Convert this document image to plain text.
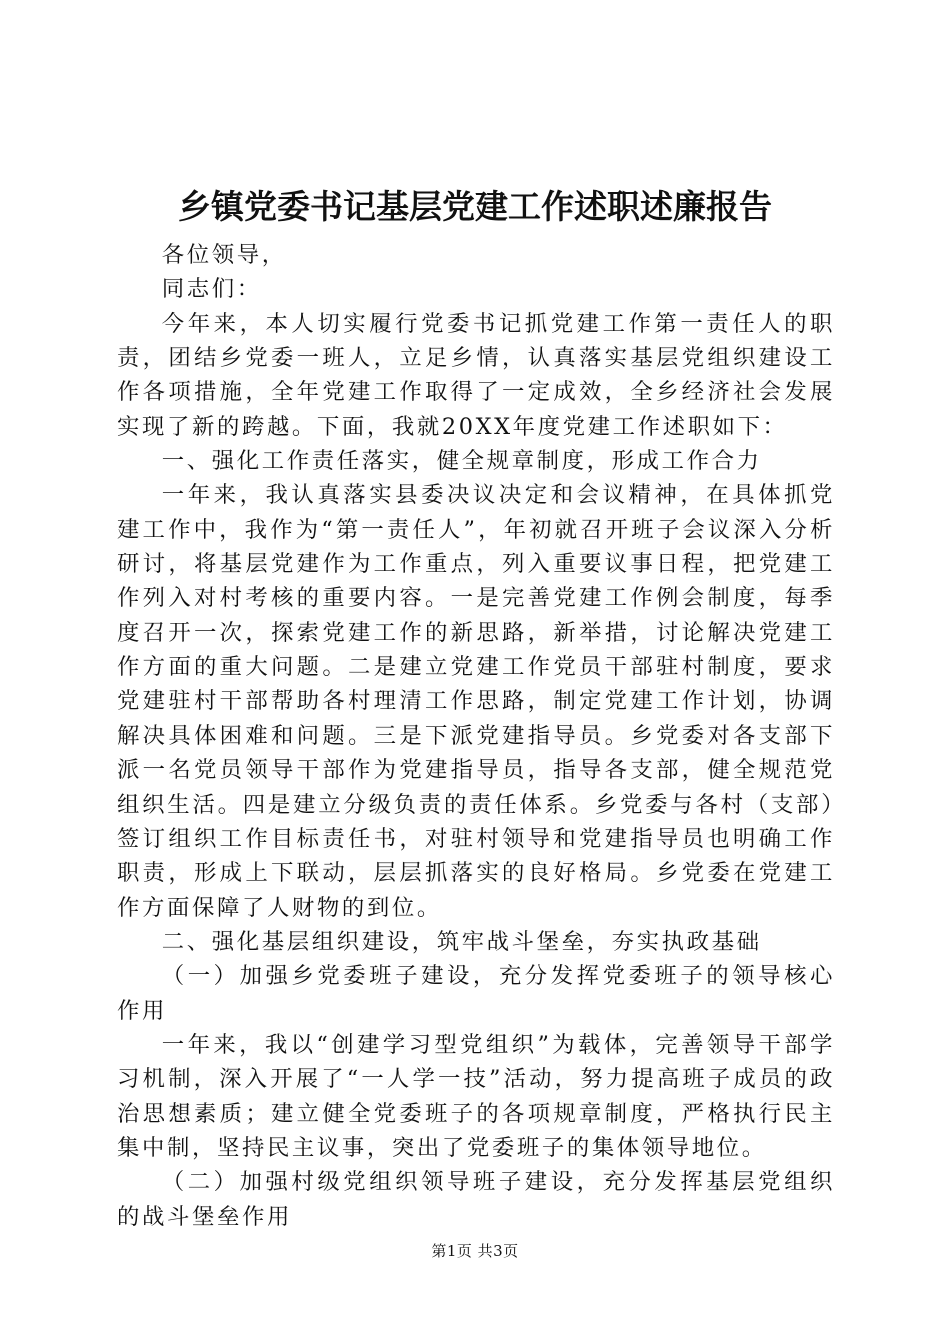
乡镇党委书记基层党建工作述职述廉报告

各位领导，

同志们：

今年来，本人切实履行党委书记抓党建工作第一责任人的职责，团结乡党委一班人，立足乡情，认真落实基层党组织建设工作各项措施，全年党建工作取得了一定成效，全乡经济社会发展实现了新的跨越。下面，我就20XX年度党建工作述职如下：

一、强化工作责任落实，健全规章制度，形成工作合力

一年来，我认真落实县委决议决定和会议精神，在具体抓党建工作中，我作为“第一责任人”，年初就召开班子会议深入分析研讨，将基层党建作为工作重点，列入重要议事日程，把党建工作列入对村考核的重要内容。一是完善党建工作例会制度，每季度召开一次，探索党建工作的新思路，新举措，讨论解决党建工作方面的重大问题。二是建立党建工作党员干部驻村制度，要求党建驻村干部帮助各村理清工作思路，制定党建工作计划，协调解决具体困难和问题。三是下派党建指导员。乡党委对各支部下派一名党员领导干部作为党建指导员，指导各支部，健全规范党组织生活。四是建立分级负责的责任体系。乡党委与各村（支部）签订组织工作目标责任书，对驻村领导和党建指导员也明确工作职责，形成上下联动，层层抓落实的良好格局。乡党委在党建工作方面保障了人财物的到位。

二、强化基层组织建设，筑牢战斗堡垒，夯实执政基础

（一）加强乡党委班子建设，充分发挥党委班子的领导核心作用

一年来，我以“创建学习型党组织”为载体，完善领导干部学习机制，深入开展了“一人学一技”活动，努力提高班子成员的政治思想素质；建立健全党委班子的各项规章制度，严格执行民主集中制，坚持民主议事，突出了党委班子的集体领导地位。

（二）加强村级党组织领导班子建设，充分发挥基层党组织的战斗堡垒作用

第1页 共3页
